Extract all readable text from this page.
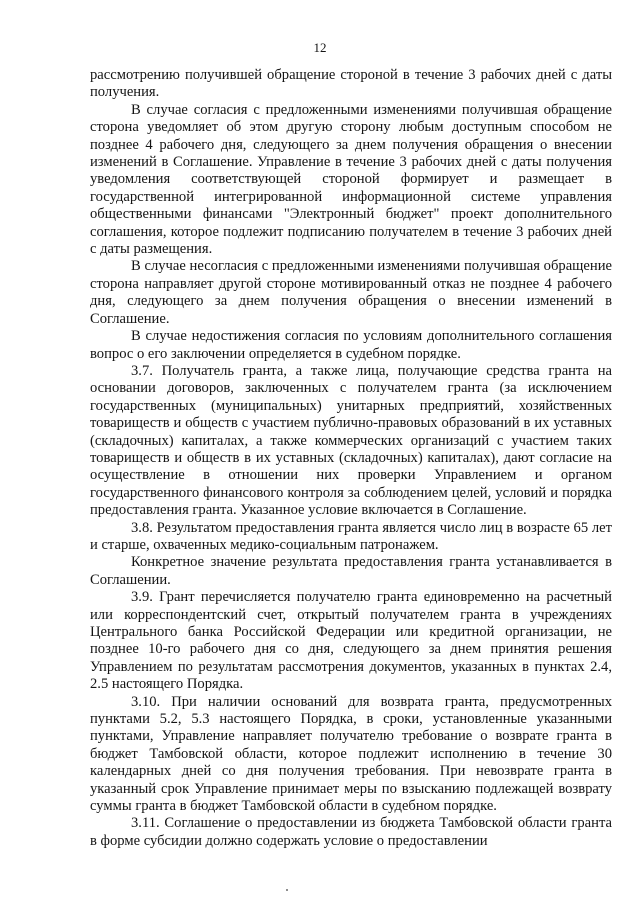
12

рассмотрению получившей обращение стороной в течение 3 рабочих дней с даты получения.

В случае согласия с предложенными изменениями получившая обращение сторона уведомляет об этом другую сторону любым доступным способом не позднее 4 рабочего дня, следующего за днем получения обращения о внесении изменений в Соглашение. Управление в течение 3 рабочих дней с даты получения уведомления соответствующей стороной формирует и размещает в государственной интегрированной информационной системе управления общественными финансами "Электронный бюджет" проект дополнительного соглашения, которое подлежит подписанию получателем в течение 3 рабочих дней с даты размещения.

В случае несогласия с предложенными изменениями получившая обращение сторона направляет другой стороне мотивированный отказ не позднее 4 рабочего дня, следующего за днем получения обращения о внесении изменений в Соглашение.

В случае недостижения согласия по условиям дополнительного соглашения вопрос о его заключении определяется в судебном порядке.

3.7. Получатель гранта, а также лица, получающие средства гранта на основании договоров, заключенных с получателем гранта (за исключением государственных (муниципальных) унитарных предприятий, хозяйственных товариществ и обществ с участием публично-правовых образований в их уставных (складочных) капиталах, а также коммерческих организаций с участием таких товариществ и обществ в их уставных (складочных) капиталах), дают согласие на осуществление в отношении них проверки Управлением и органом государственного финансового контроля за соблюдением целей, условий и порядка предоставления гранта. Указанное условие включается в Соглашение.

3.8. Результатом предоставления гранта является число лиц в возрасте 65 лет и старше, охваченных медико-социальным патронажем.

Конкретное значение результата предоставления гранта устанавливается в Соглашении.

3.9. Грант перечисляется получателю гранта единовременно на расчетный или корреспондентский счет, открытый получателем гранта в учреждениях Центрального банка Российской Федерации или кредитной организации, не позднее 10-го рабочего дня со дня, следующего за днем принятия решения Управлением по результатам рассмотрения документов, указанных в пунктах 2.4, 2.5 настоящего Порядка.

3.10. При наличии оснований для возврата гранта, предусмотренных пунктами 5.2, 5.3 настоящего Порядка, в сроки, установленные указанными пунктами, Управление направляет получателю требование о возврате гранта в бюджет Тамбовской области, которое подлежит исполнению в течение 30 календарных дней со дня получения требования. При невозврате гранта в указанный срок Управление принимает меры по взысканию подлежащей возврату суммы гранта в бюджет Тамбовской области в судебном порядке.

3.11. Соглашение о предоставлении из бюджета Тамбовской области гранта в форме субсидии должно содержать условие о предоставлении
